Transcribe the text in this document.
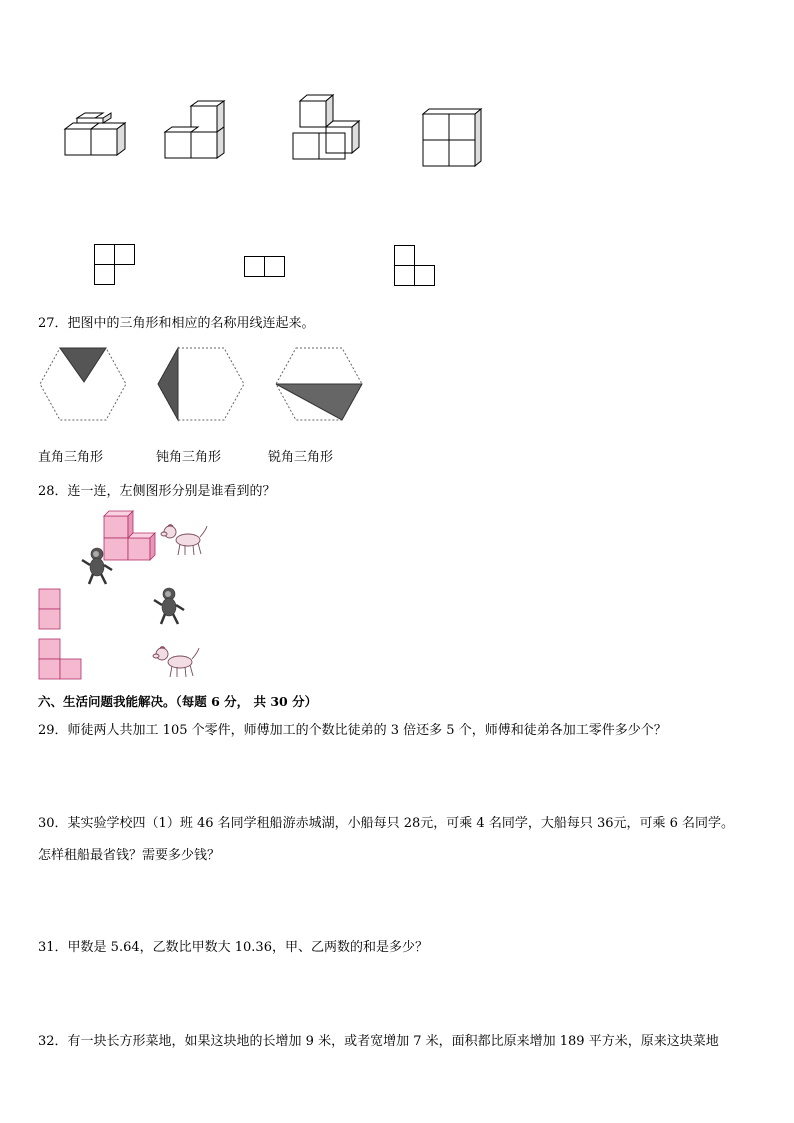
27．把图中的三角形和相应的名称用线连起来。
直角三角形	钝角三角形	锐角三角形
28．连一连，左侧图形分别是谁看到的？
六、生活问题我能解决。（每题 6 分， 共 30 分）
29．师徒两人共加工 105 个零件，师傅加工的个数比徒弟的 3 倍还多 5 个，师傅和徒弟各加工零件多少个？
30．某实验学校四（1）班 46 名同学租船游赤城湖，小船每只 28元，可乘 4 名同学，大船每只 36元，可乘 6 名同学。
怎样租船最省钱？需要多少钱？
31．甲数是 5.64，乙数比甲数大 10.36，甲、乙两数的和是多少？
32．有一块长方形菜地，如果这块地的长增加 9 米，或者宽增加 7 米，面积都比原来增加 189 平方米，原来这块菜地
